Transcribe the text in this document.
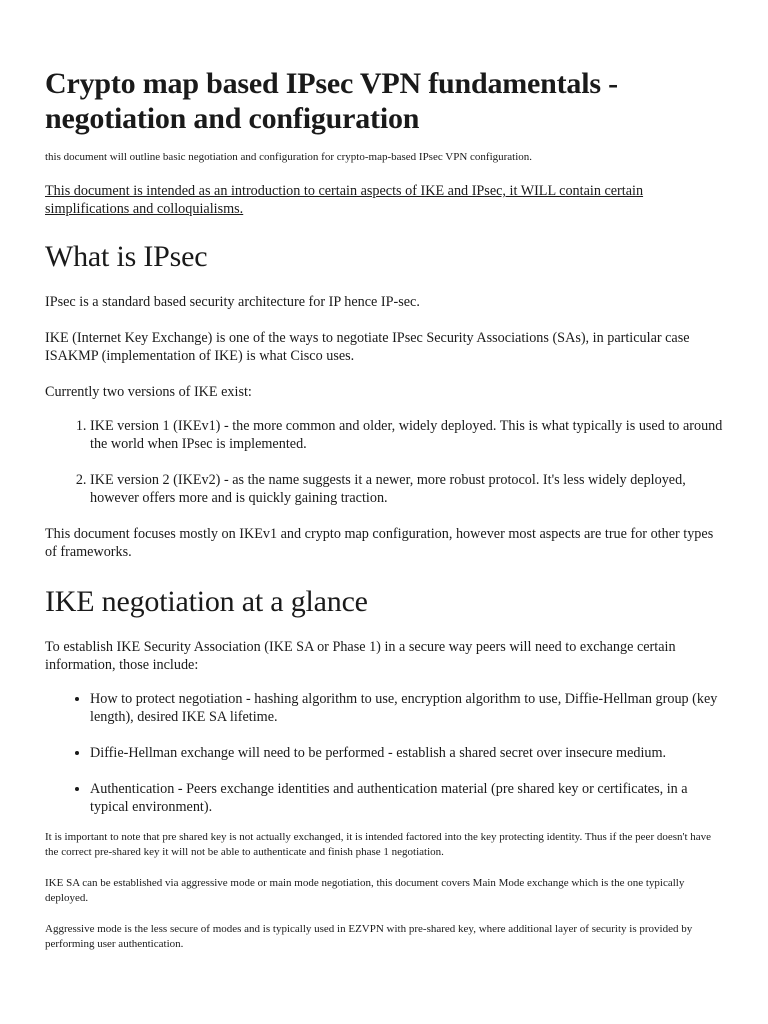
Crypto map based IPsec VPN fundamentals - negotiation and configuration

this document will outline basic negotiation and configuration for crypto-map-based IPsec VPN configuration.

This document is intended as an introduction to certain aspects of IKE and IPsec, it WILL contain certain simplifications and colloquialisms.

What is IPsec

IPsec is a standard based security architecture for IP hence IP-sec.

IKE (Internet Key Exchange) is one of the ways to negotiate IPsec Security Associations (SAs), in particular case ISAKMP (implementation of IKE) is what Cisco uses.

Currently two versions of IKE exist:

1. IKE version 1 (IKEv1) - the more common and older, widely deployed. This is what typically is used to around the world when IPsec is implemented.
2. IKE version 2 (IKEv2) - as the name suggests it a newer, more robust protocol. It's less widely deployed, however offers more and is quickly gaining traction.

This document focuses mostly on IKEv1 and crypto map configuration, however most aspects are true for other types of frameworks.

IKE negotiation at a glance

To establish IKE Security Association (IKE SA or Phase 1) in a secure way peers will need to exchange certain information, those include:

• How to protect negotiation - hashing algorithm to use, encryption algorithm to use, Diffie-Hellman group (key length), desired IKE SA lifetime.
• Diffie-Hellman exchange will need to be performed - establish a shared secret over insecure medium.
• Authentication - Peers exchange identities and authentication material (pre shared key or certificates, in a typical environment).

It is important to note that pre shared key is not actually exchanged, it is intended factored into the key protecting identity. Thus if the peer doesn't have the correct pre-shared key it will not be able to authenticate and finish phase 1 negotiation.

IKE SA can be established via aggressive mode or main mode negotiation, this document covers Main Mode exchange which is the one typically deployed.

Aggressive mode is the less secure of modes and is typically used in EZVPN with pre-shared key, where additional layer of security is provided by performing user authentication.
